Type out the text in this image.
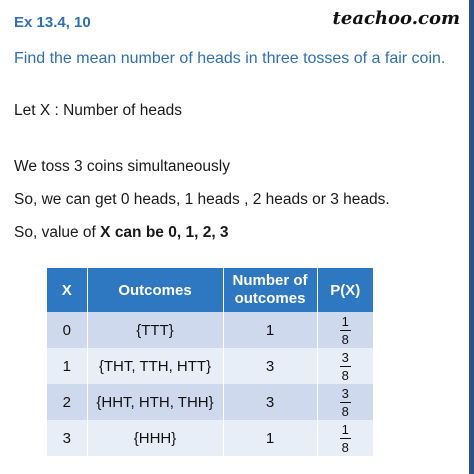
Ex 13.4, 10	teachoo.com
Find the mean number of heads in three tosses of a fair coin.
Let X : Number of heads
We toss 3 coins simultaneously
So, we can get 0 heads, 1 heads , 2 heads or 3 heads.
So, value of X can be 0, 1, 2, 3
X	Outcomes	Number of outcomes	P(X)
0	{TTT}	1	$\frac{1}{8}$

1	{THT, TTH, HTT}	3	$\frac{3}{8}$

2	{HHT, HTH, THH}	3	$\frac{3}{8}$

3	{HHH}	1	$\frac{1}{8}$
